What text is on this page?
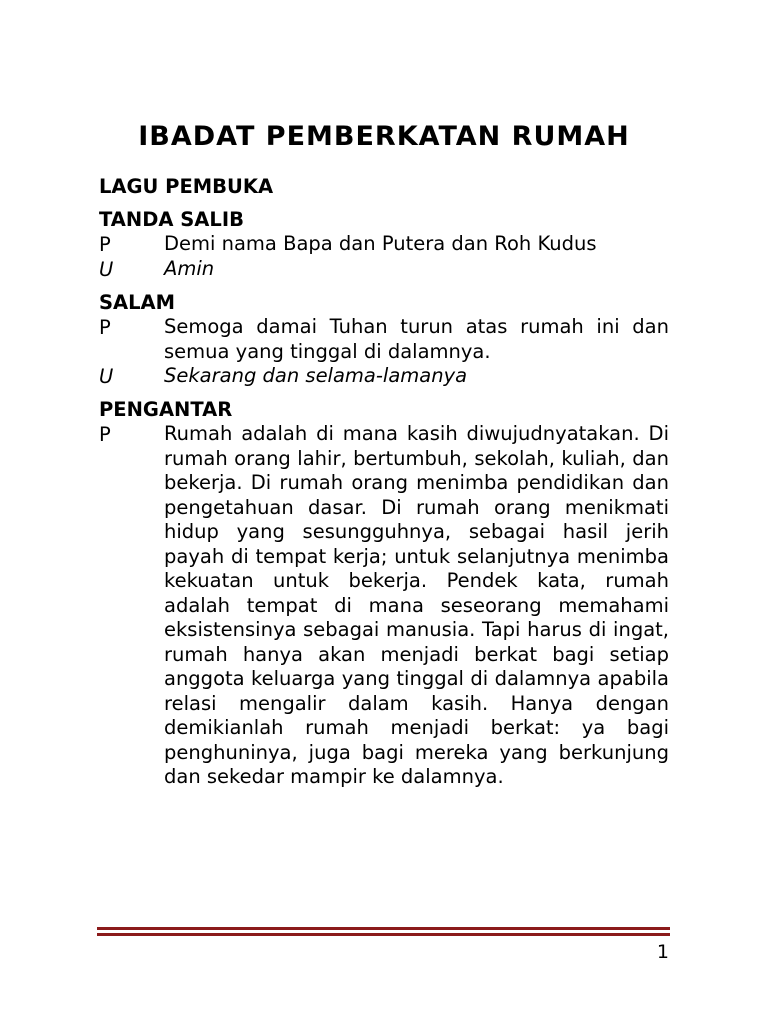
IBADAT PEMBERKATAN RUMAH
LAGU PEMBUKA
TANDA SALIB
P	Demi nama Bapa dan Putera dan Roh Kudus
U	Amin
SALAM
P	Semoga damai Tuhan turun atas rumah ini dan semua yang tinggal di dalamnya.
U	Sekarang dan selama-lamanya
PENGANTAR
P	Rumah adalah di mana kasih diwujudnyatakan. Di rumah orang lahir, bertumbuh, sekolah, kuliah, dan bekerja. Di rumah orang menimba pendidikan dan pengetahuan dasar. Di rumah orang menikmati hidup yang sesungguhnya, sebagai hasil jerih payah di tempat kerja; untuk selanjutnya menimba kekuatan untuk bekerja. Pendek kata, rumah adalah tempat di mana seseorang memahami eksistensinya sebagai manusia. Tapi harus di ingat, rumah hanya akan menjadi berkat bagi setiap anggota keluarga yang tinggal di dalamnya apabila relasi mengalir dalam kasih. Hanya dengan demikianlah rumah menjadi berkat: ya bagi penghuninya, juga bagi mereka yang berkunjung dan sekedar mampir ke dalamnya.
1
